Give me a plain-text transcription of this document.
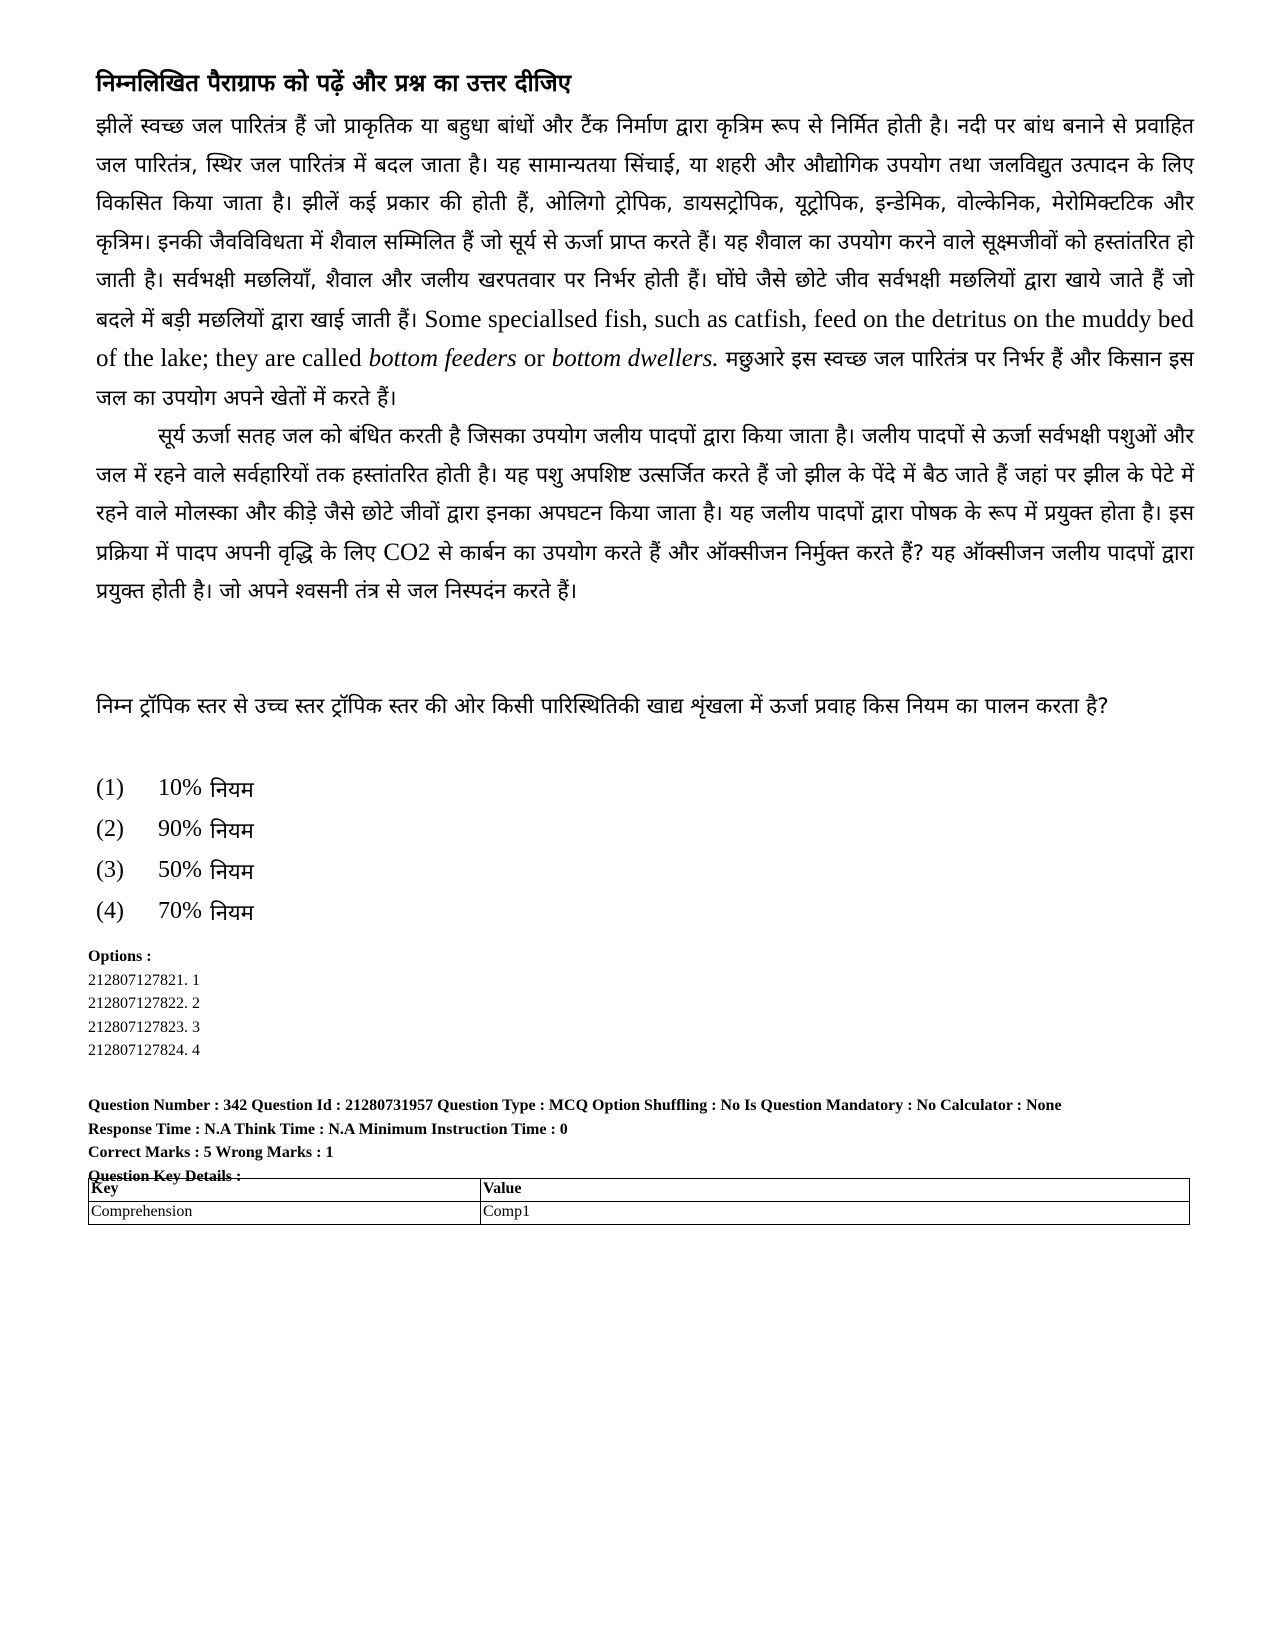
निम्नलिखित पैराग्राफ को पढ़ें और प्रश्न का उत्तर दीजिए

झीलें स्वच्छ जल पारितंत्र हैं जो प्राकृतिक या बहुधा बांधों और टैंक निर्माण द्वारा कृत्रिम रूप से निर्मित होती है। नदी पर बांध बनाने से प्रवाहित जल पारितंत्र, स्थिर जल पारितंत्र में बदल जाता है। यह सामान्यतया सिंचाई, या शहरी और औद्योगिक उपयोग तथा जलविद्युत उत्पादन के लिए विकसित किया जाता है। झीलें कई प्रकार की होती हैं, ओलिगो ट्रोपिक, डायसट्रोपिक, यूट्रोपिक, इन्डेमिक, वोल्केनिक, मेरोमिक्टटिक और कृत्रिम। इनकी जैवविविधता में शैवाल सम्मिलित हैं जो सूर्य से ऊर्जा प्राप्त करते हैं। यह शैवाल का उपयोग करने वाले सूक्ष्मजीवों को हस्तांतरित हो जाती है। सर्वभक्षी मछलियाँ, शैवाल और जलीय खरपतवार पर निर्भर होती हैं। घोंघे जैसे छोटे जीव सर्वभक्षी मछलियों द्वारा खाये जाते हैं जो बदले में बड़ी मछलियों द्वारा खाई जाती हैं। Some speciallsed fish, such as catfish, feed on the detritus on the muddy bed of the lake; they are called bottom feeders or bottom dwellers. मछुआरे इस स्वच्छ जल पारितंत्र पर निर्भर हैं और किसान इस जल का उपयोग अपने खेतों में करते हैं।

सूर्य ऊर्जा सतह जल को बंधित करती है जिसका उपयोग जलीय पादपों द्वारा किया जाता है। जलीय पादपों से ऊर्जा सर्वभक्षी पशुओं और जल में रहने वाले सर्वहारियों तक हस्तांतरित होती है। यह पशु अपशिष्ट उत्सर्जित करते हैं जो झील के पेंदे में बैठ जाते हैं जहां पर झील के पेटे में रहने वाले मोलस्का और कीड़े जैसे छोटे जीवों द्वारा इनका अपघटन किया जाता है। यह जलीय पादपों द्वारा पोषक के रूप में प्रयुक्त होता है। इस प्रक्रिया में पादप अपनी वृद्धि के लिए CO2 से कार्बन का उपयोग करते हैं और ऑक्सीजन निर्मुक्त करते हैं? यह ऑक्सीजन जलीय पादपों द्वारा प्रयुक्त होती है। जो अपने श्वसनी तंत्र से जल निस्पदंन करते हैं।

निम्न ट्रॉपिक स्तर से उच्च स्तर ट्रॉपिक स्तर की ओर किसी पारिस्थितिकी खाद्य शृंखला में ऊर्जा प्रवाह किस नियम का पालन करता है?
(1)	10% नियम
(2)	90% नियम
(3)	50% नियम
(4)	70% नियम
Options :
212807127821. 1
212807127822. 2
212807127823. 3
212807127824. 4
Question Number : 342 Question Id : 21280731957 Question Type : MCQ Option Shuffling : No Is Question Mandatory : No Calculator : None
Response Time : N.A Think Time : N.A Minimum Instruction Time : 0
Correct Marks : 5 Wrong Marks : 1
Question Key Details :
Key	Value
Comprehension	Comp1
